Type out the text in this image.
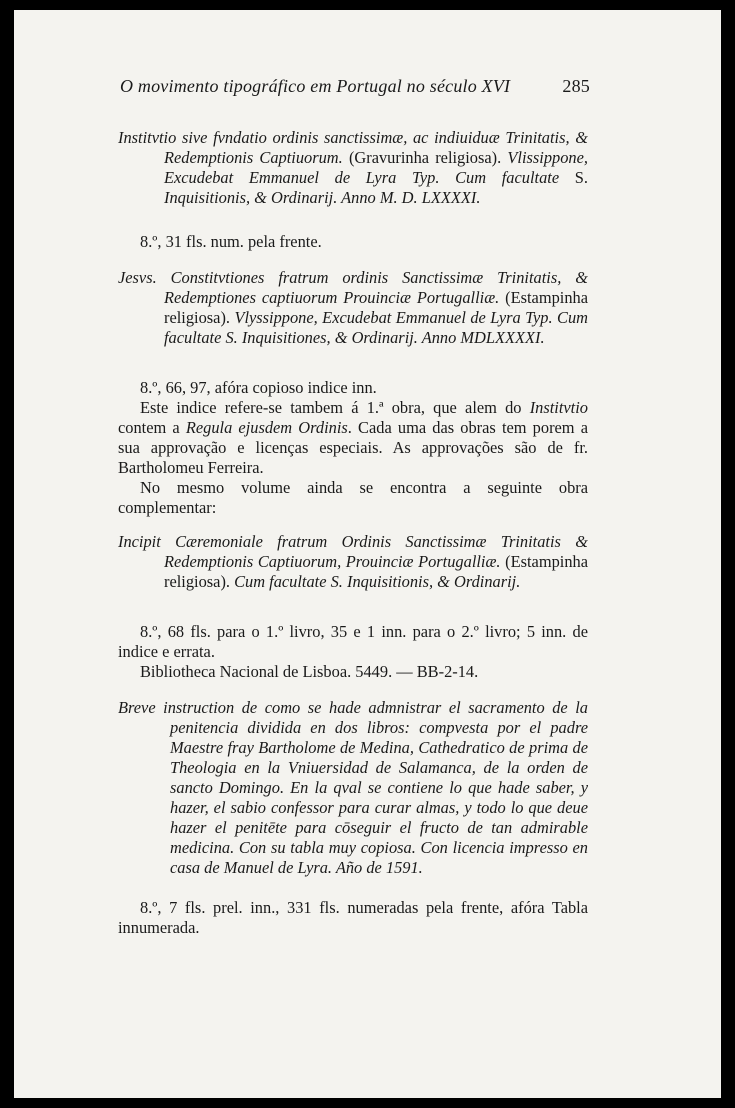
O movimento tipográfico em Portugal no século XVI	285

Institvtio sive fvndatio ordinis sanctissimæ, ac indiuiduæ Trinitatis, & Redemptionis Captiuorum. (Gravurinha religiosa). Vlissippone, Excudebat Emmanuel de Lyra Typ. Cum facultate S. Inquisitionis, & Ordinarij. Anno M. D. LXXXXI.

8.º, 31 fls. num. pela frente.

Jesvs. Constitvtiones fratrum ordinis Sanctissimæ Trinitatis, & Redemptiones captiuorum Prouinciæ Portugalliæ. (Estampinha religiosa). Vlyssippone, Excudebat Emmanuel de Lyra Typ. Cum facultate S. Inquisitiones, & Ordinarij. Anno MDLXXXXI.

8.º, 66, 97, afóra copioso indice inn.

Este indice refere-se tambem á 1.ª obra, que alem do Institvtio contem a Regula ejusdem Ordinis. Cada uma das obras tem porem a sua approvação e licenças especiais. As approvações são de fr. Bartholomeu Ferreira.

No mesmo volume ainda se encontra a seguinte obra complementar:

Incipit Cæremoniale fratrum Ordinis Sanctissimæ Trinitatis & Redemptionis Captiuorum, Prouinciæ Portugalliæ. (Estampinha religiosa). Cum facultate S. Inquisitionis, & Ordinarij.

8.º, 68 fls. para o 1.º livro, 35 e 1 inn. para o 2.º livro; 5 inn. de indice e errata.

Bibliotheca Nacional de Lisboa. 5449. — BB-2-14.

Breve instruction de como se hade admnistrar el sacramento de la penitencia dividida en dos libros: compvesta por el padre Maestre fray Bartholome de Medina, Cathedratico de prima de Theologia en la Vniuersidad de Salamanca, de la orden de sancto Domingo. En la qval se contiene lo que hade saber, y hazer, el sabio confessor para curar almas, y todo lo que deue hazer el penitēte para cōseguir el fructo de tan admirable medicina. Con su tabla muy copiosa. Con licencia impresso en casa de Manuel de Lyra. Año de 1591.

8.º, 7 fls. prel. inn., 331 fls. numeradas pela frente, afóra Tabla innumerada.
